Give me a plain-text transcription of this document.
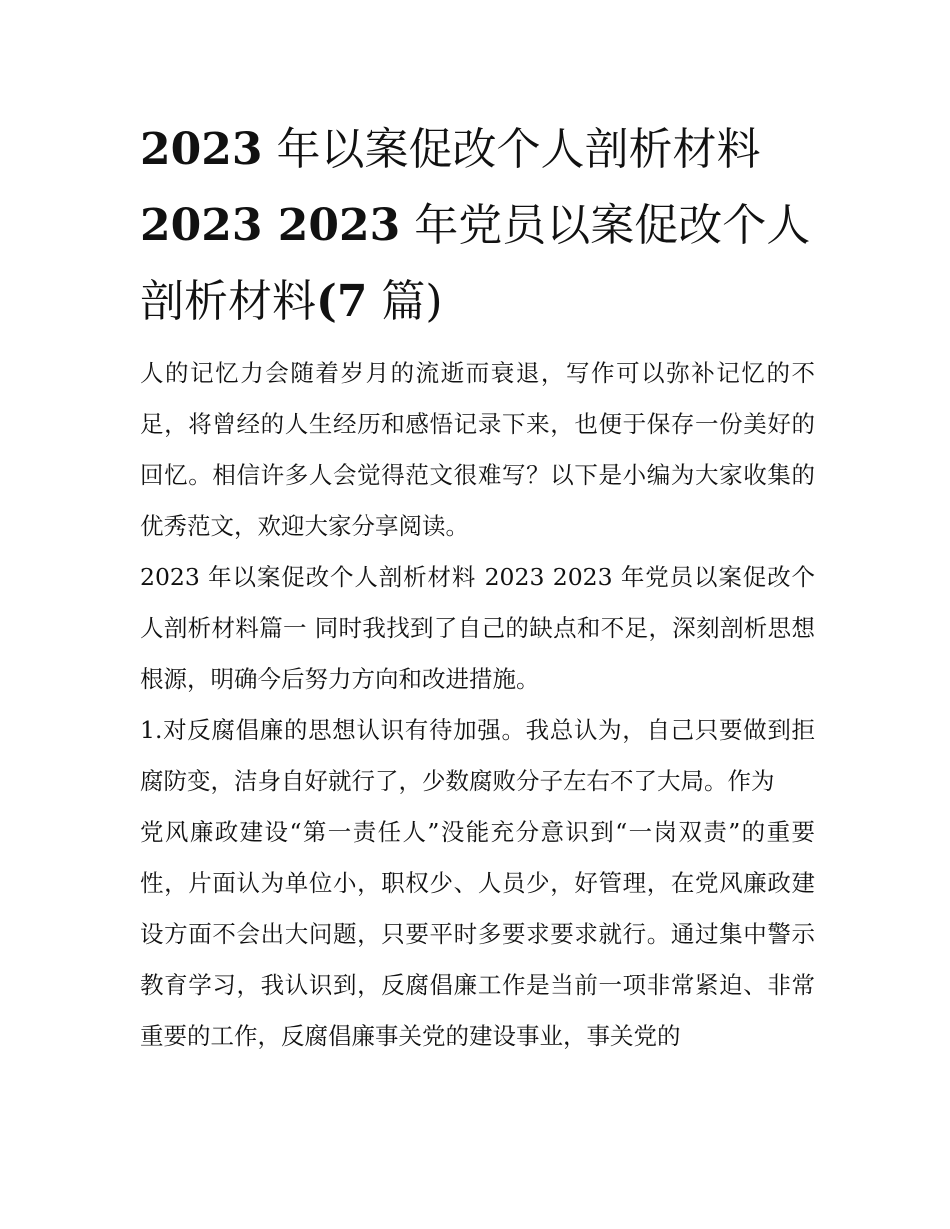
2023 年以案促改个人剖析材料2023 2023 年党员以案促改个人剖析材料(7 篇)

人的记忆力会随着岁月的流逝而衰退，写作可以弥补记忆的不足，将曾经的人生经历和感悟记录下来，也便于保存一份美好的回忆。相信许多人会觉得范文很难写？以下是小编为大家收集的优秀范文，欢迎大家分享阅读。

2023 年以案促改个人剖析材料 2023 2023 年党员以案促改个人剖析材料篇一 同时我找到了自己的缺点和不足，深刻剖析思想根源，明确今后努力方向和改进措施。

1.对反腐倡廉的思想认识有待加强。我总认为，自己只要做到拒腐防变，洁身自好就行了，少数腐败分子左右不了大局。作为

党风廉政建设“第一责任人”没能充分意识到“一岗双责”的重要性，片面认为单位小，职权少、人员少，好管理，在党风廉政建设方面不会出大问题，只要平时多要求要求就行。通过集中警示教育学习，我认识到，反腐倡廉工作是当前一项非常紧迫、非常重要的工作，反腐倡廉事关党的建设事业，事关党的
